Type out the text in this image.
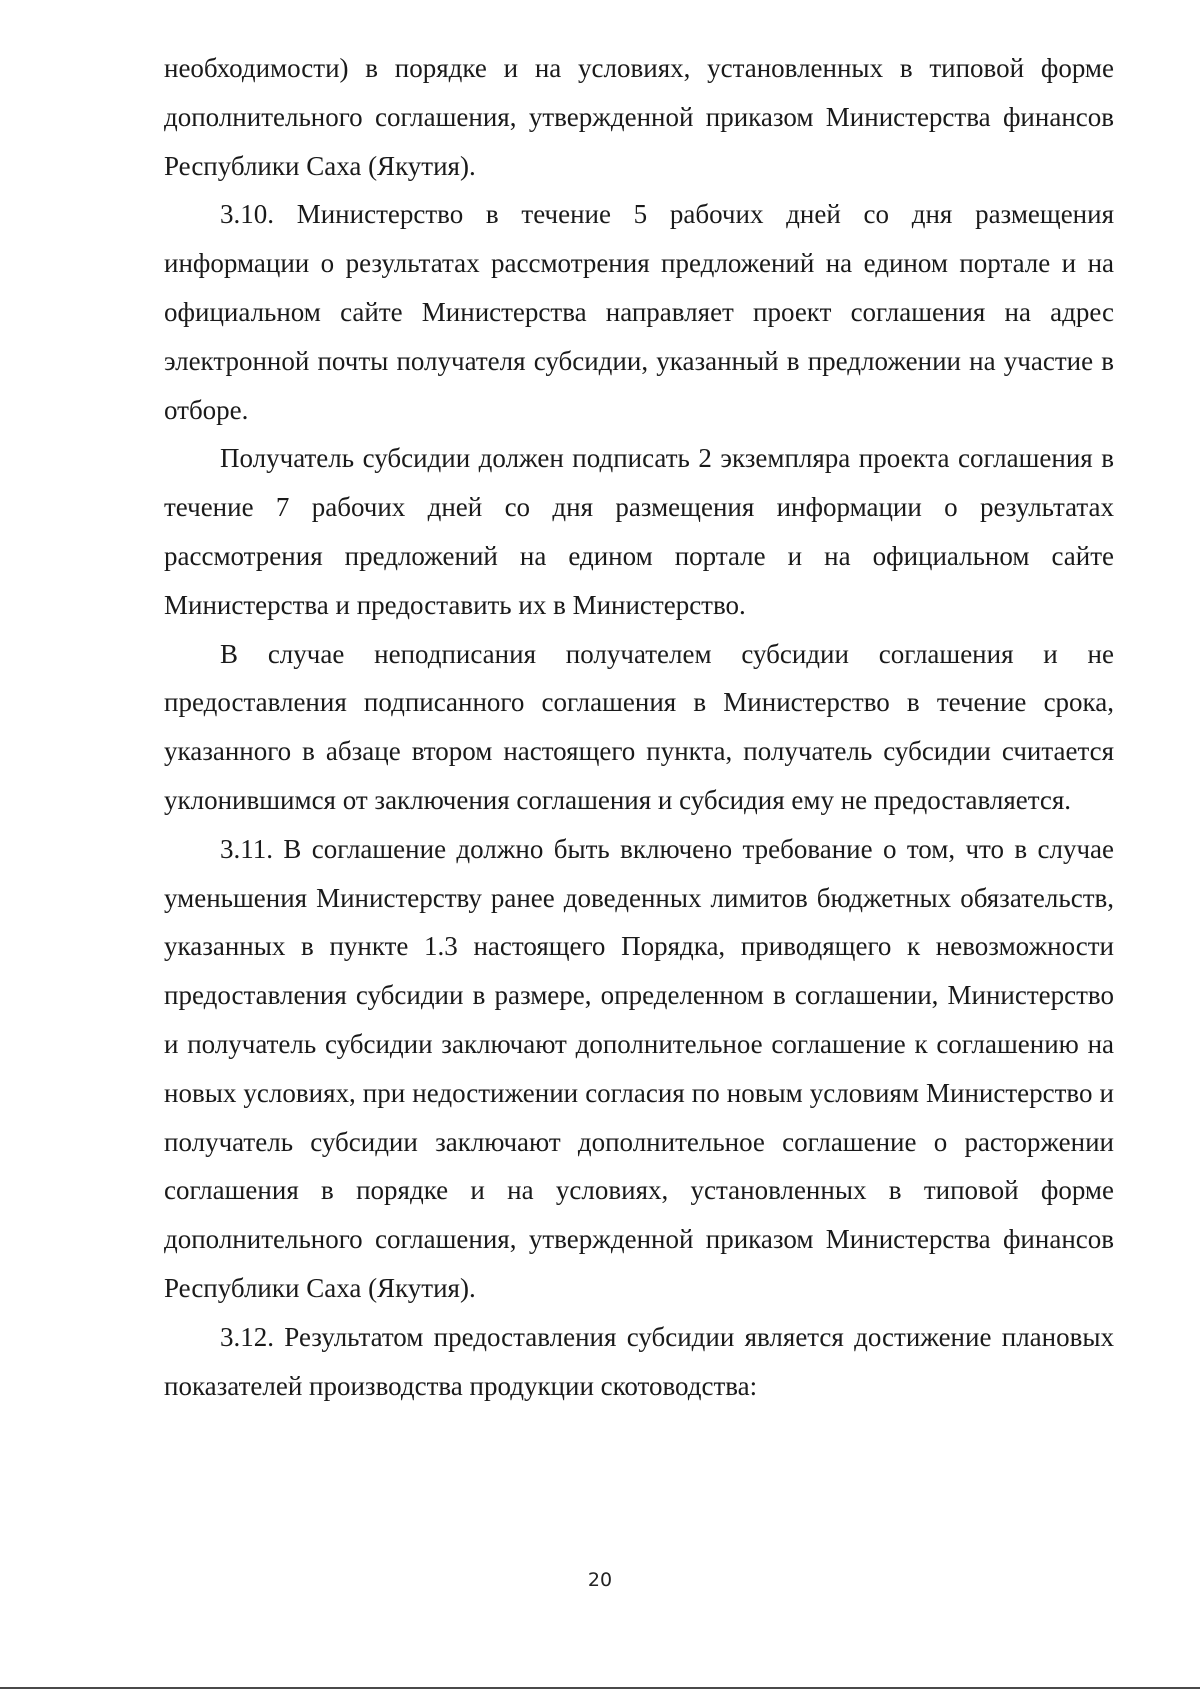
необходимости) в порядке и на условиях, установленных в типовой форме дополнительного соглашения, утвержденной приказом Министерства финансов Республики Саха (Якутия).

3.10. Министерство в течение 5 рабочих дней со дня размещения информации о результатах рассмотрения предложений на едином портале и на официальном сайте Министерства направляет проект соглашения на адрес электронной почты получателя субсидии, указанный в предложении на участие в отборе.

Получатель субсидии должен подписать 2 экземпляра проекта соглашения в течение 7 рабочих дней со дня размещения информации о результатах рассмотрения предложений на едином портале и на официальном сайте Министерства и предоставить их в Министерство.

В случае неподписания получателем субсидии соглашения и не предоставления подписанного соглашения в Министерство в течение срока, указанного в абзаце втором настоящего пункта, получатель субсидии считается уклонившимся от заключения соглашения и субсидия ему не предоставляется.

3.11. В соглашение должно быть включено требование о том, что в случае уменьшения Министерству ранее доведенных лимитов бюджетных обязательств, указанных в пункте 1.3 настоящего Порядка, приводящего к невозможности предоставления субсидии в размере, определенном в соглашении, Министерство и получатель субсидии заключают дополнительное соглашение к соглашению на новых условиях, при недостижении согласия по новым условиям Министерство и получатель субсидии заключают дополнительное соглашение о расторжении соглашения в порядке и на условиях, установленных в типовой форме дополнительного соглашения, утвержденной приказом Министерства финансов Республики Саха (Якутия).

3.12. Результатом предоставления субсидии является достижение плановых показателей производства продукции скотоводства:

20
